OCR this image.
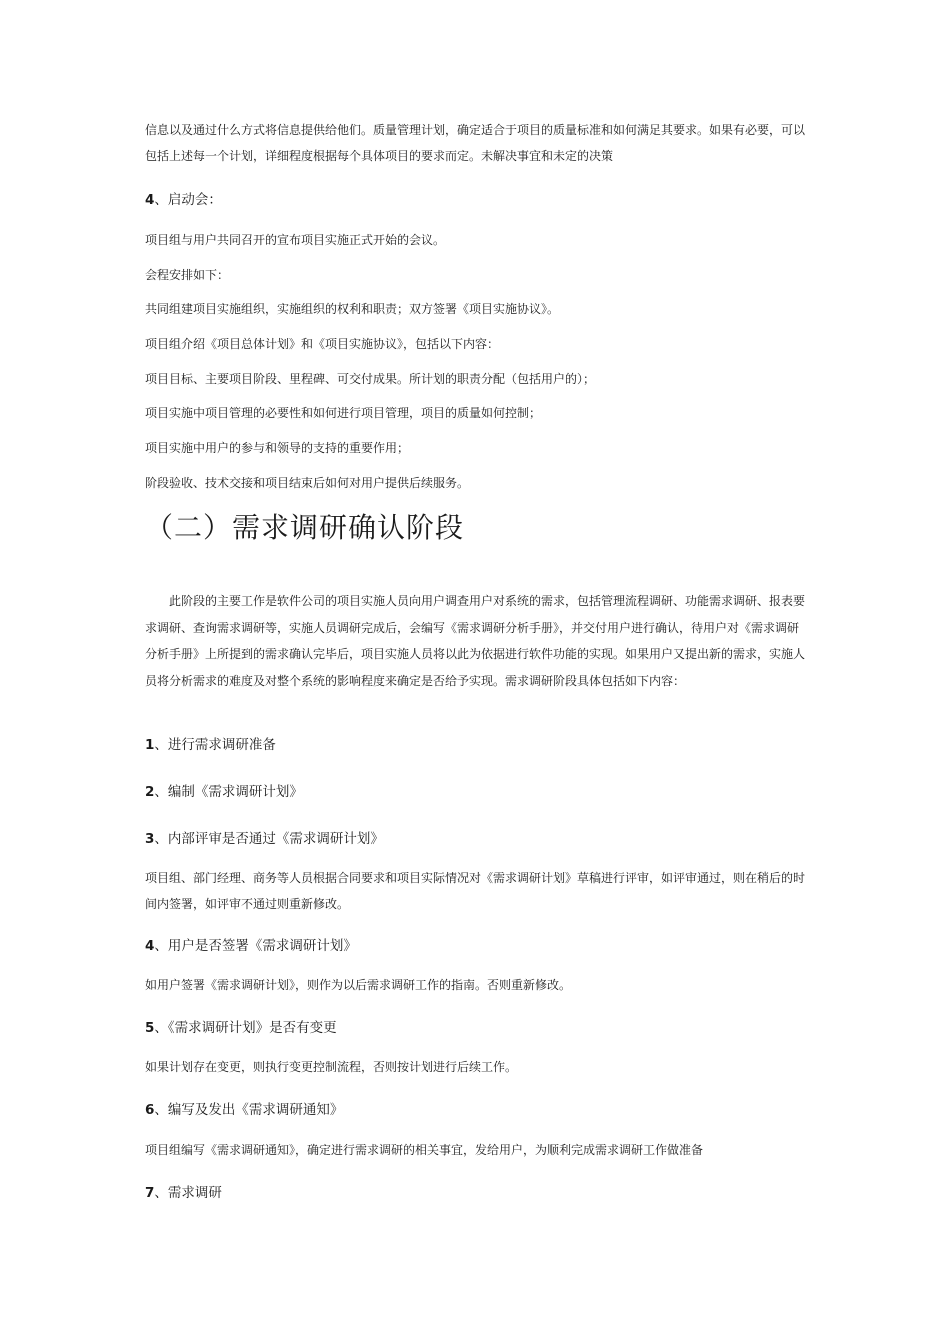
信息以及通过什么方式将信息提供给他们。质量管理计划，确定适合于项目的质量标准和如何满足其要求。如果有必要，可以包括上述每一个计划，详细程度根据每个具体项目的要求而定。未解决事宜和未定的决策
4、启动会：
项目组与用户共同召开的宣布项目实施正式开始的会议。
会程安排如下：
共同组建项目实施组织，实施组织的权利和职责；双方签署《项目实施协议》。
项目组介绍《项目总体计划》和《项目实施协议》，包括以下内容：
项目目标、主要项目阶段、里程碑、可交付成果。所计划的职责分配（包括用户的）；
项目实施中项目管理的必要性和如何进行项目管理，项目的质量如何控制；
项目实施中用户的参与和领导的支持的重要作用；
阶段验收、技术交接和项目结束后如何对用户提供后续服务。
（二）需求调研确认阶段
此阶段的主要工作是软件公司的项目实施人员向用户调查用户对系统的需求，包括管理流程调研、功能需求调研、报表要求调研、查询需求调研等，实施人员调研完成后，会编写《需求调研分析手册》，并交付用户进行确认，待用户对《需求调研分析手册》上所提到的需求确认完毕后，项目实施人员将以此为依据进行软件功能的实现。如果用户又提出新的需求，实施人员将分析需求的难度及对整个系统的影响程度来确定是否给予实现。需求调研阶段具体包括如下内容：
1、进行需求调研准备
2、编制《需求调研计划》
3、内部评审是否通过《需求调研计划》
项目组、部门经理、商务等人员根据合同要求和项目实际情况对《需求调研计划》草稿进行评审，如评审通过，则在稍后的时间内签署，如评审不通过则重新修改。
4、用户是否签署《需求调研计划》
如用户签署《需求调研计划》，则作为以后需求调研工作的指南。否则重新修改。
5、《需求调研计划》是否有变更
如果计划存在变更，则执行变更控制流程，否则按计划进行后续工作。
6、编写及发出《需求调研通知》
项目组编写《需求调研通知》，确定进行需求调研的相关事宜，发给用户，为顺利完成需求调研工作做准备
7、需求调研
